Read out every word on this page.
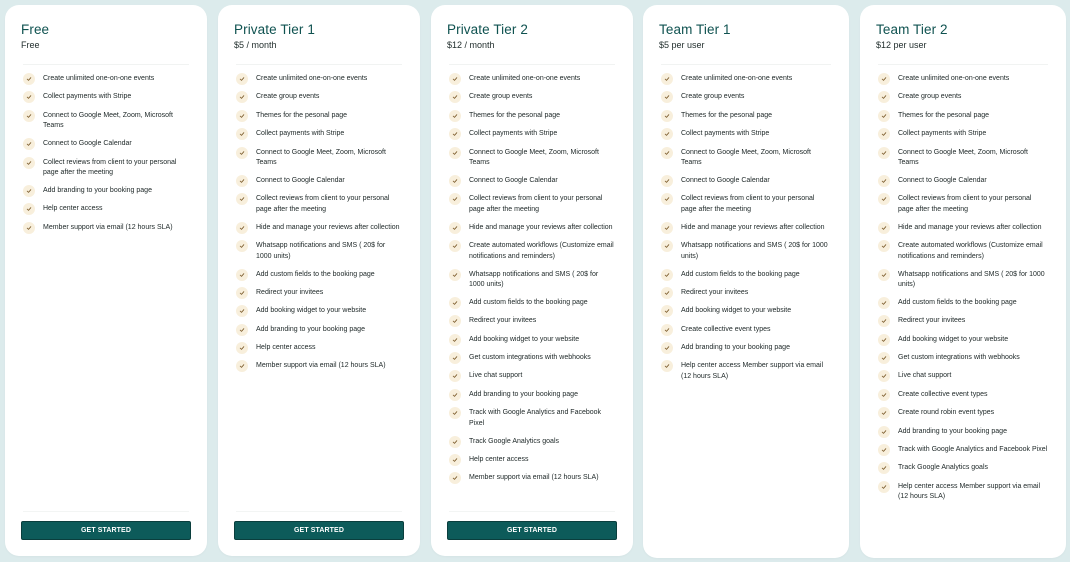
Free
Free
Create unlimited one-on-one events
Collect payments with Stripe
Connect to Google Meet, Zoom, Microsoft Teams
Connect to Google Calendar
Collect reviews from client to your personal page after the meeting
Add branding to your booking page
Help center access
Member support via email (12 hours SLA)
GET STARTED
Private Tier 1
$5 / month
Create unlimited one-on-one events
Create group events
Themes for the pesonal page
Collect payments with Stripe
Connect to Google Meet, Zoom, Microsoft Teams
Connect to Google Calendar
Collect reviews from client to your personal page after the meeting
Hide and manage your reviews after collection
Whatsapp notifications and SMS ( 20$ for 1000 units)
Add custom fields to the booking page
Redirect your invitees
Add booking widget to your website
Add branding to your booking page
Help center access
Member support via email (12 hours SLA)
GET STARTED
Private Tier 2
$12 / month
Create unlimited one-on-one events
Create group events
Themes for the pesonal page
Collect payments with Stripe
Connect to Google Meet, Zoom, Microsoft Teams
Connect to Google Calendar
Collect reviews from client to your personal page after the meeting
Hide and manage your reviews after collection
Create automated workflows (Customize email notifications and reminders)
Whatsapp notifications and SMS ( 20$ for 1000 units)
Add custom fields to the booking page
Redirect your invitees
Add booking widget to your website
Get custom integrations with webhooks
Live chat support
Add branding to your booking page
Track with Google Analytics and Facebook Pixel
Track Google Analytics goals
Help center access
Member support via email (12 hours SLA)
GET STARTED
Team Tier 1
$5 per user
Create unlimited one-on-one events
Create group events
Themes for the pesonal page
Collect payments with Stripe
Connect to Google Meet, Zoom, Microsoft Teams
Connect to Google Calendar
Collect reviews from client to your personal page after the meeting
Hide and manage your reviews after collection
Whatsapp notifications and SMS ( 20$ for 1000 units)
Add custom fields to the booking page
Redirect your invitees
Add booking widget to your website
Create collective event types
Add branding to your booking page
Help center access Member support via email (12 hours SLA)
Team Tier 2
$12 per user
Create unlimited one-on-one events
Create group events
Themes for the pesonal page
Collect payments with Stripe
Connect to Google Meet, Zoom, Microsoft Teams
Connect to Google Calendar
Collect reviews from client to your personal page after the meeting
Hide and manage your reviews after collection
Create automated workflows (Customize email notifications and reminders)
Whatsapp notifications and SMS ( 20$ for 1000 units)
Add custom fields to the booking page
Redirect your invitees
Add booking widget to your website
Get custom integrations with webhooks
Live chat support
Create collective event types
Create round robin event types
Add branding to your booking page
Track with Google Analytics and Facebook Pixel
Track Google Analytics goals
Help center access Member support via email (12 hours SLA)
